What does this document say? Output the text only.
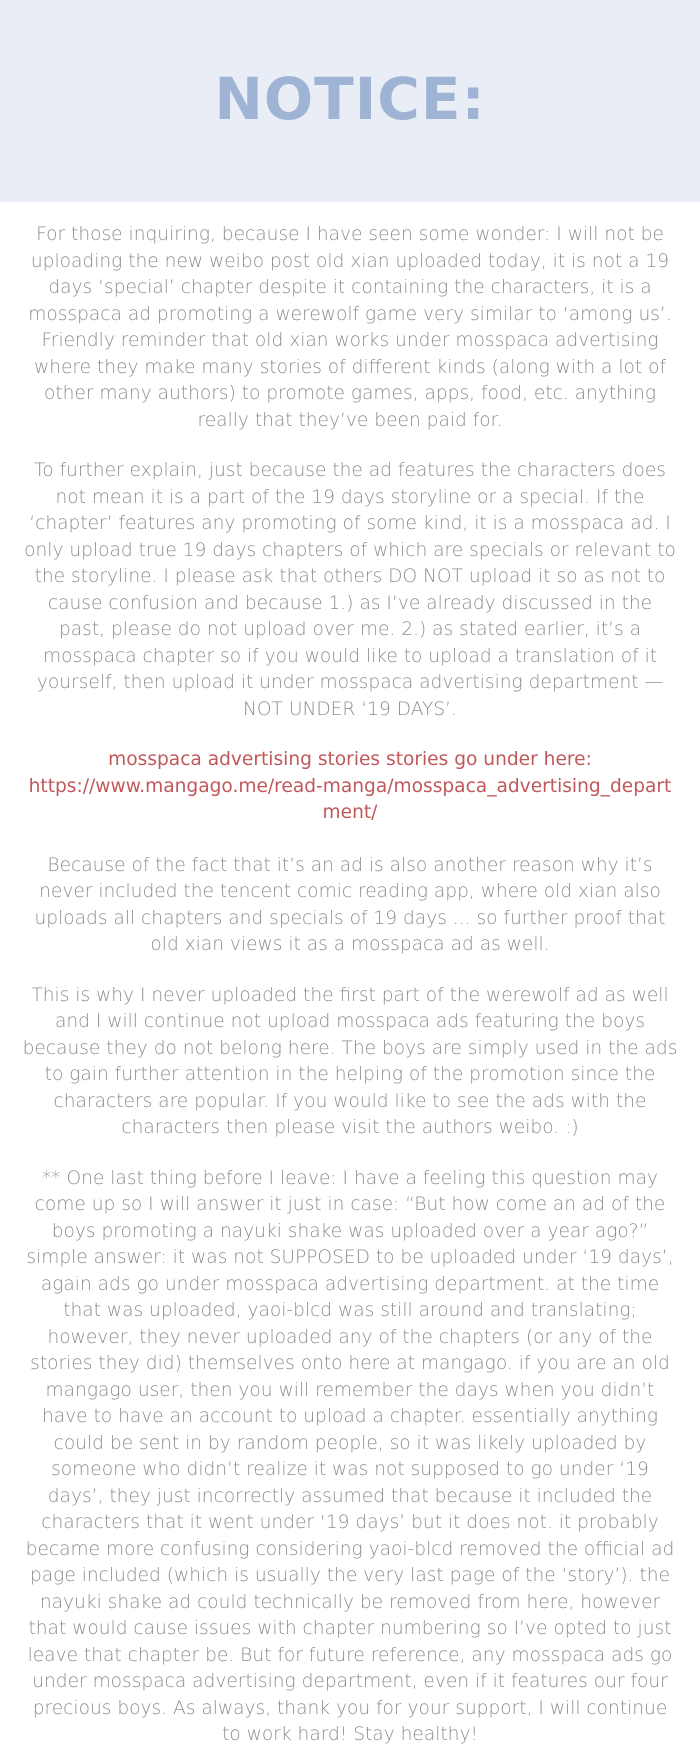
NOTICE:

For those inquiring, because I have seen some wonder: I will not be uploading the new weibo post old xian uploaded today, it is not a 19 days ‘special’ chapter despite it containing the characters, it is a mosspaca ad promoting a werewolf game very similar to ‘among us’. Friendly reminder that old xian works under mosspaca advertising where they make many stories of different kinds (along with a lot of other many authors) to promote games, apps, food, etc. anything really that they’ve been paid for.

To further explain, just because the ad features the characters does not mean it is a part of the 19 days storyline or a special. If the ‘chapter’ features any promoting of some kind, it is a mosspaca ad. I only upload true 19 days chapters of which are specials or relevant to the storyline. I please ask that others DO NOT upload it so as not to cause confusion and because 1.) as I’ve already discussed in the past, please do not upload over me. 2.) as stated earlier, it’s a mosspaca chapter so if you would like to upload a translation of it yourself, then upload it under mosspaca advertising department — NOT UNDER ‘19 DAYS’.

mosspaca advertising stories stories go under here:
https://www.mangago.me/read-manga/mosspaca_advertising_department/

Because of the fact that it’s an ad is also another reason why it’s never included the tencent comic reading app, where old xian also uploads all chapters and specials of 19 days ... so further proof that old xian views it as a mosspaca ad as well.

This is why I never uploaded the first part of the werewolf ad as well and I will continue not upload mosspaca ads featuring the boys because they do not belong here. The boys are simply used in the ads to gain further attention in the helping of the promotion since the characters are popular. If you would like to see the ads with the characters then please visit the authors weibo. :)

** One last thing before I leave: I have a feeling this question may come up so I will answer it just in case: “But how come an ad of the boys promoting a nayuki shake was uploaded over a year ago?” simple answer: it was not SUPPOSED to be uploaded under ‘19 days’, again ads go under mosspaca advertising department. at the time that was uploaded, yaoi-blcd was still around and translating; however, they never uploaded any of the chapters (or any of the stories they did) themselves onto here at mangago. if you are an old mangago user, then you will remember the days when you didn’t have to have an account to upload a chapter. essentially anything could be sent in by random people, so it was likely uploaded by someone who didn’t realize it was not supposed to go under ‘19 days’, they just incorrectly assumed that because it included the characters that it went under ‘19 days’ but it does not. it probably became more confusing considering yaoi-blcd removed the official ad page included (which is usually the very last page of the ‘story’). the nayuki shake ad could technically be removed from here, however that would cause issues with chapter numbering so I’ve opted to just leave that chapter be. But for future reference, any mosspaca ads go under mosspaca advertising department, even if it features our four precious boys. As always, thank you for your support, I will continue to work hard! Stay healthy!
